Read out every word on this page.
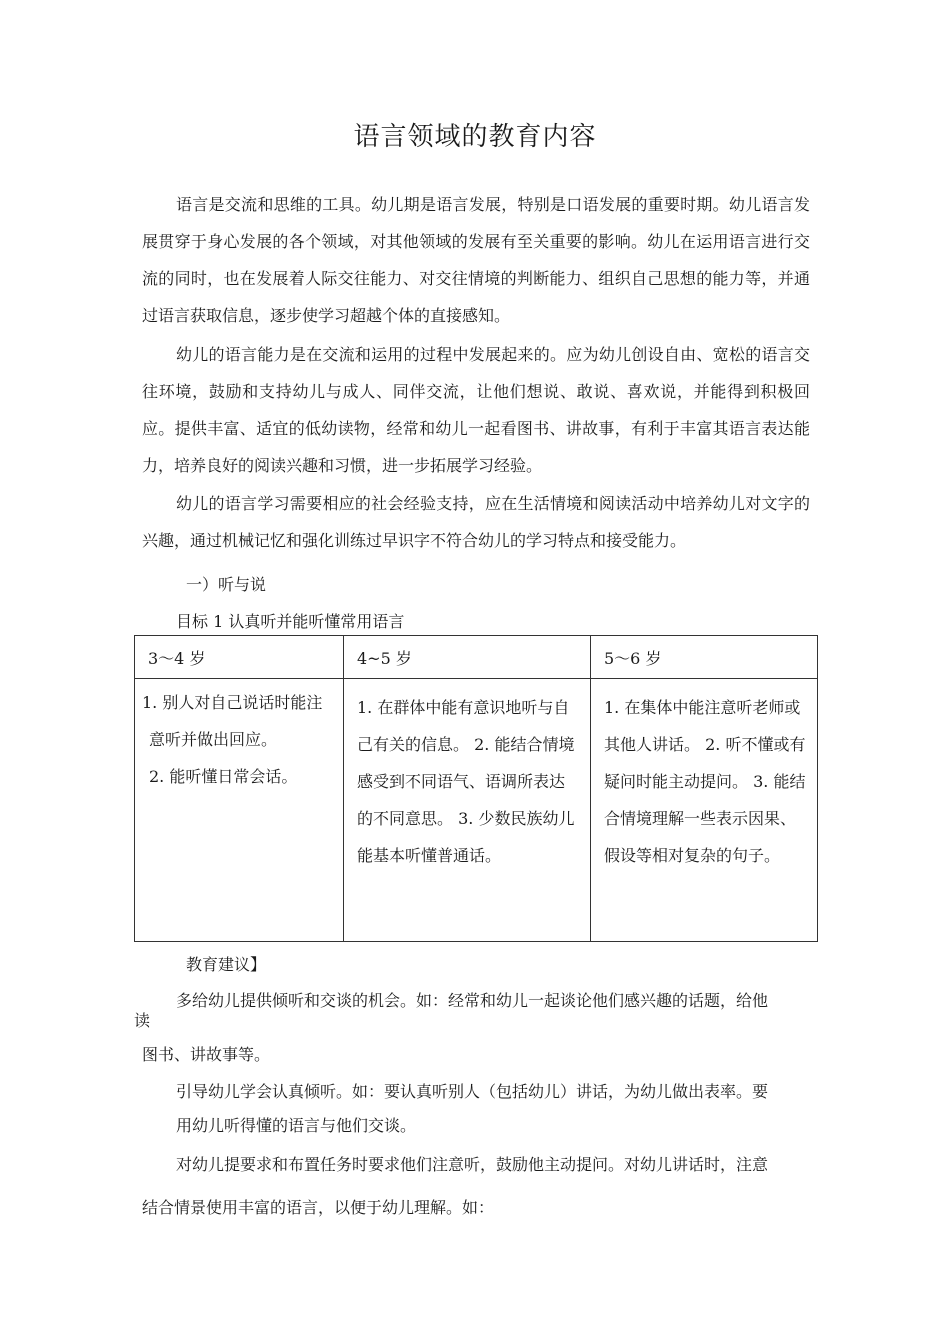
语言领域的教育内容

语言是交流和思维的工具。幼儿期是语言发展，特别是口语发展的重要时期。幼儿语言发展贯穿于身心发展的各个领域，对其他领域的发展有至关重要的影响。幼儿在运用语言进行交流的同时，也在发展着人际交往能力、对交往情境的判断能力、组织自己思想的能力等，并通过语言获取信息，逐步使学习超越个体的直接感知。

幼儿的语言能力是在交流和运用的过程中发展起来的。应为幼儿创设自由、宽松的语言交往环境，鼓励和支持幼儿与成人、同伴交流，让他们想说、敢说、喜欢说，并能得到积极回应。提供丰富、适宜的低幼读物，经常和幼儿一起看图书、讲故事，有利于丰富其语言表达能力，培养良好的阅读兴趣和习惯，进一步拓展学习经验。

幼儿的语言学习需要相应的社会经验支持，应在生活情境和阅读活动中培养幼儿对文字的兴趣，通过机械记忆和强化训练过早识字不符合幼儿的学习特点和接受能力。

一）听与说
目标 1 认真听并能听懂常用语言
3〜4 岁	4~5 岁	5〜6 岁

1. 别人对自己说话时能注
意听并做出回应。
2. 能听懂日常会话。	1. 在群体中能有意识地听与自己有关的信息。 2. 能结合情境感受到不同语气、语调所表达的不同意思。 3. 少数民族幼儿能基本听懂普通话。	1. 在集体中能注意听老师或其他人讲话。 2. 听不懂或有疑问时能主动提问。 3. 能结合情境理解一些表示因果、假设等相对复杂的句子。
教育建议】
多给幼儿提供倾听和交谈的机会。如：经常和幼儿一起谈论他们感兴趣的话题，给他
读
图书、讲故事等。
引导幼儿学会认真倾听。如：要认真听别人（包括幼儿）讲话，为幼儿做出表率。要
用幼儿听得懂的语言与他们交谈。
对幼儿提要求和布置任务时要求他们注意听，鼓励他主动提问。对幼儿讲话时，注意
结合情景使用丰富的语言，以便于幼儿理解。如：
